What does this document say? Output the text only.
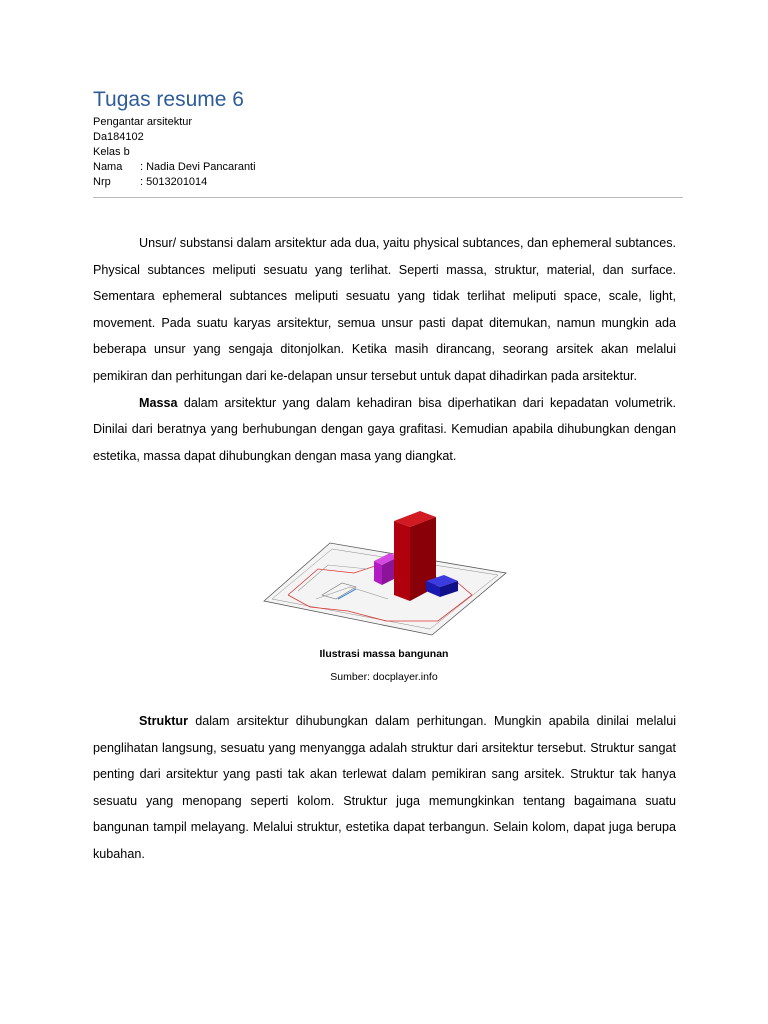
Tugas resume 6
Pengantar arsitektur
Da184102
Kelas b
Nama	: Nadia Devi Pancaranti
Nrp	: 5013201014

Unsur/ substansi dalam arsitektur ada dua, yaitu physical subtances, dan ephemeral subtances. Physical subtances meliputi sesuatu yang terlihat. Seperti massa, struktur, material, dan surface. Sementara ephemeral subtances meliputi sesuatu yang tidak terlihat meliputi space, scale, light, movement. Pada suatu karyas arsitektur, semua unsur pasti dapat ditemukan, namun mungkin ada beberapa unsur yang sengaja ditonjolkan. Ketika masih dirancang, seorang arsitek akan melalui pemikiran dan perhitungan dari ke-delapan unsur tersebut untuk dapat dihadirkan pada arsitektur.

Massa dalam arsitektur yang dalam kehadiran bisa diperhatikan dari kepadatan volumetrik. Dinilai dari beratnya yang berhubungan dengan gaya grafitasi. Kemudian apabila dihubungkan dengan estetika, massa dapat dihubungkan dengan masa yang diangkat.

Ilustrasi massa bangunan
Sumber: docplayer.info

Struktur dalam arsitektur dihubungkan dalam perhitungan. Mungkin apabila dinilai melalui penglihatan langsung, sesuatu yang menyangga adalah struktur dari arsitektur tersebut. Struktur sangat penting dari arsitektur yang pasti tak akan terlewat dalam pemikiran sang arsitek. Struktur tak hanya sesuatu yang menopang seperti kolom. Struktur juga memungkinkan tentang bagaimana suatu bangunan tampil melayang. Melalui struktur, estetika dapat terbangun. Selain kolom, dapat juga berupa kubahan.
